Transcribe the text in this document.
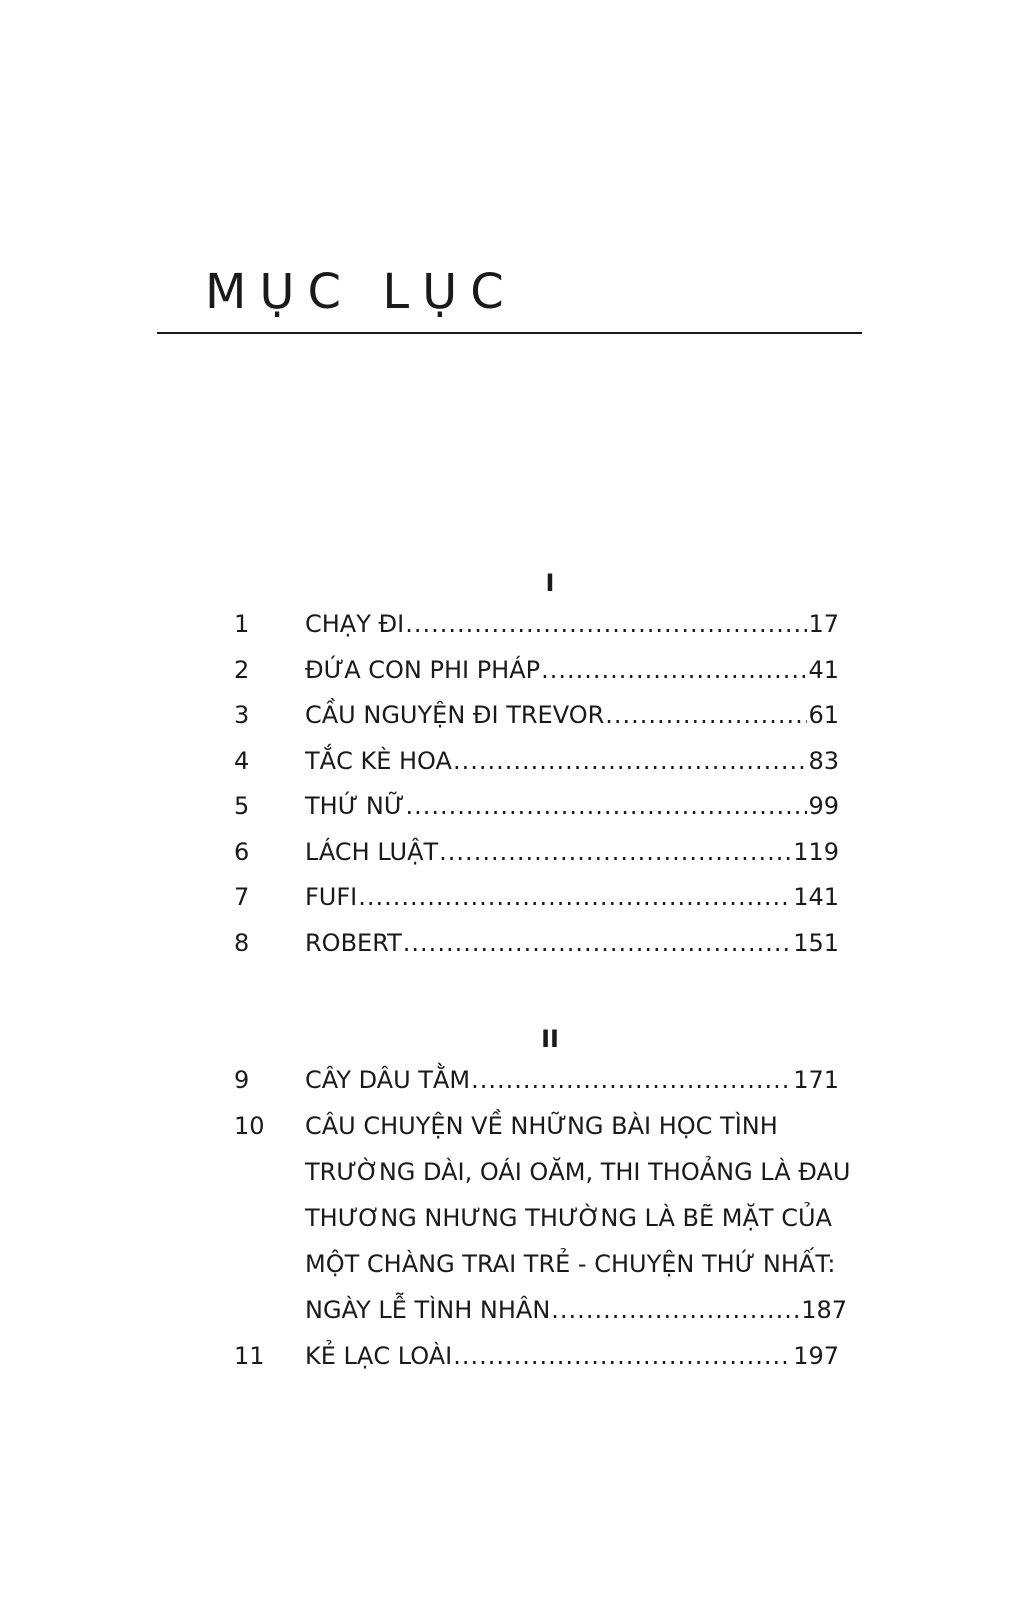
MỤC LỤC
I
1 CHẠY ĐI .....	17
2 ĐỨA CON PHI PHÁP .....	41
3 CẦU NGUYỆN ĐI TREVOR .....	61
4 TẮC KÈ HOA .....	83
5 THỨ NỮ .....	99
6 LÁCH LUẬT .....	119
7 FUFI .....	141
8 ROBERT .....	151
II
9 CÂY DÂU TẰM .....	171
10 CÂU CHUYỆN VỀ NHỮNG BÀI HỌC TÌNH
TRƯỜNG DÀI, OÁI OĂM, THI THOẢNG LÀ ĐAU
THƯƠNG NHƯNG THƯỜNG LÀ BẼ MẶT CỦA
MỘT CHÀNG TRAI TRẺ - CHUYỆN THỨ NHẤT:
NGÀY LỄ TÌNH NHÂN .....	187
11 KẺ LẠC LOÀI .....	197
